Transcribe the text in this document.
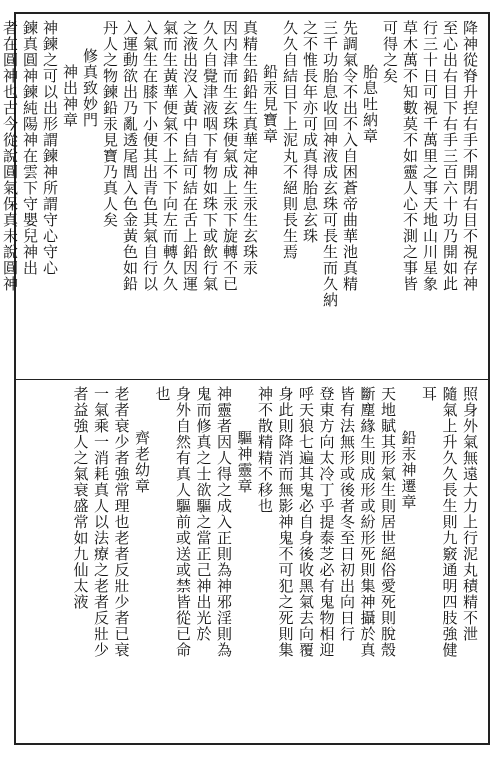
降神從脊升揑右手不開閉右目不視存神
至心出右目下右手三百六十功乃開如此
行三十日可視千萬里之事天地山川星象
草木萬不知數莫不如靈人心不測之事皆
可得之矣
胎息吐納章
先調氣令不出不入自困蒼帝曲華池真精
三千功胎息收回神液成玄珠可長生而久納
之不惟長年亦可成真得胎息玄珠
久久自結目下上泥丸不絕則長生焉
鉛汞見寶章
真精生鉛鉛生真華定神生汞生玄珠汞
因内津而生玄珠便氣成上汞下旋轉不已
久久自覺津液咽下有物如珠下或飲行氣
之液出沒入黃中自結可結在舌上鉛因運
氣而生黃華便氣不上不下向左而轉久久
入氣生在膝下小便其出青色其氣自行以
入運動欲出乃亂透尾閭入色金黃色如鉛
丹人之物鍊鉛汞見寶乃真人矣
修真致妙門
神出神章
神鍊之可以出形謂鍊神所謂守心守心
鍊真圓神鍊純陽神在雲下守嬰兒神出
者在圓神也古今從說圓氣保真未說圓神
照身外氣無遠大力上行泥丸積精不泄
隨氣上升久久長生則九竅通明四肢強健
耳
鉛汞神遷章
天地賦其形氣生則居世絕俗愛死則脫殼
斷塵緣生則成形或紛形死則集神攝於真
皆有法無形或後者冬至日初出向日行
登東方向太冷丁乎提泰芝必有鬼物相迎
呼天狼七遍其鬼必自身後收黑氣去向覆
身此則降消而無影神鬼不可犯之死則集
神不散精精不移也
驅神靈章
神靈者因人得之成入正則為神邪淫則為
鬼而修真之士欲驅之當正己神出光於
身外自然有真人驅前或送或禁皆從已命
也
齊老幼章
老者衰少者強常理也老者反壯少者已衰
一氣乘一消耗真人以法療之老者反壯少
者益強人之氣衰盛常如九仙太液
